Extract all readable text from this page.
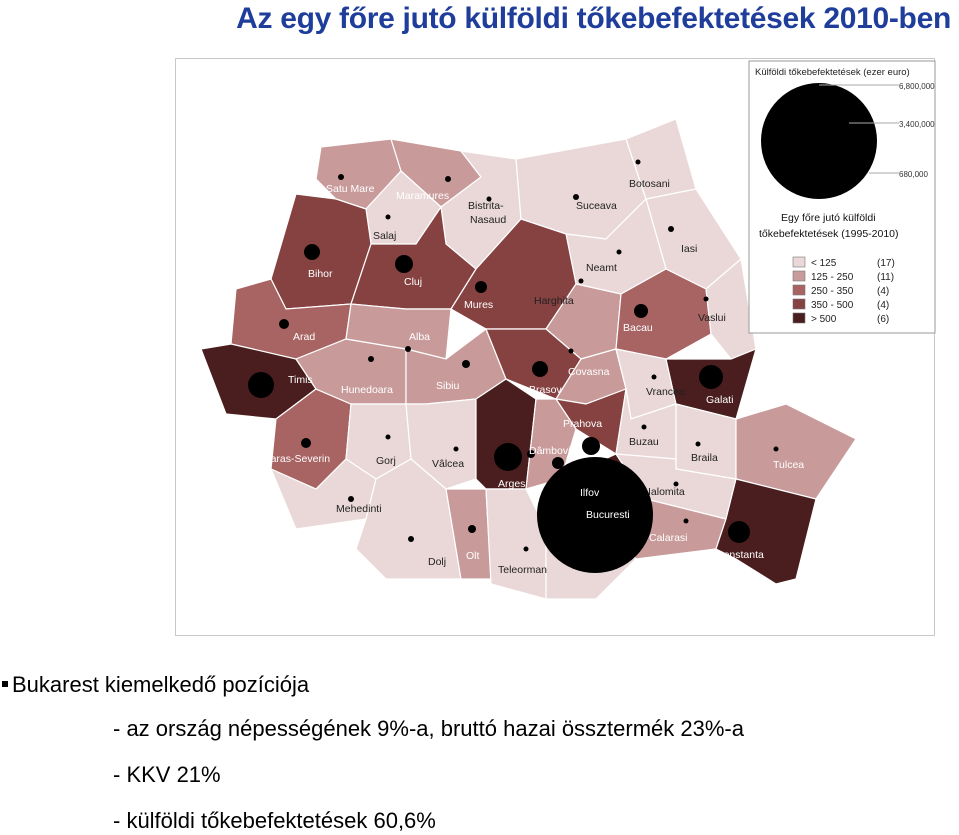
Az egy főre jutó külföldi tőkebefektetések 2010-ben
Satu Mare
Maramures
Bistrita-
Nasaud
Botosani
Suceava
Salaj
Iasi
Bihor
Cluj
Neamt
Mures	Harghita
Arad
Bacau
Vaslui
Alba
Timis
Hunedoara	Sibiu	Brasov
Covasna
Vrancea
Galati
Prahova
Buzau
Caras-Severin	Gorj	Vâlcea
Arges
Dâmbovita
Braila
Tulcea
Ilfov
Bucuresti
Ialomita
Mehedinti
Dolj Olt
Teleorman
Calarasi
Constanta
Külföldi tőkebefektetések (ezer euro)
6,800,000
3,400,000
680,000
Egy főre jutó külföldi
tőkebefektetések (1995-2010)
< 125	(17)
125 - 250 (11)
250 - 350 (4)
350 - 500 (4)
> 500	(6)
Bukarest kiemelkedő pozíciója
- az ország népességének 9%-a, bruttó hazai össztermék 23%-a
- KKV 21%
- külföldi tőkebefektetések 60,6%
